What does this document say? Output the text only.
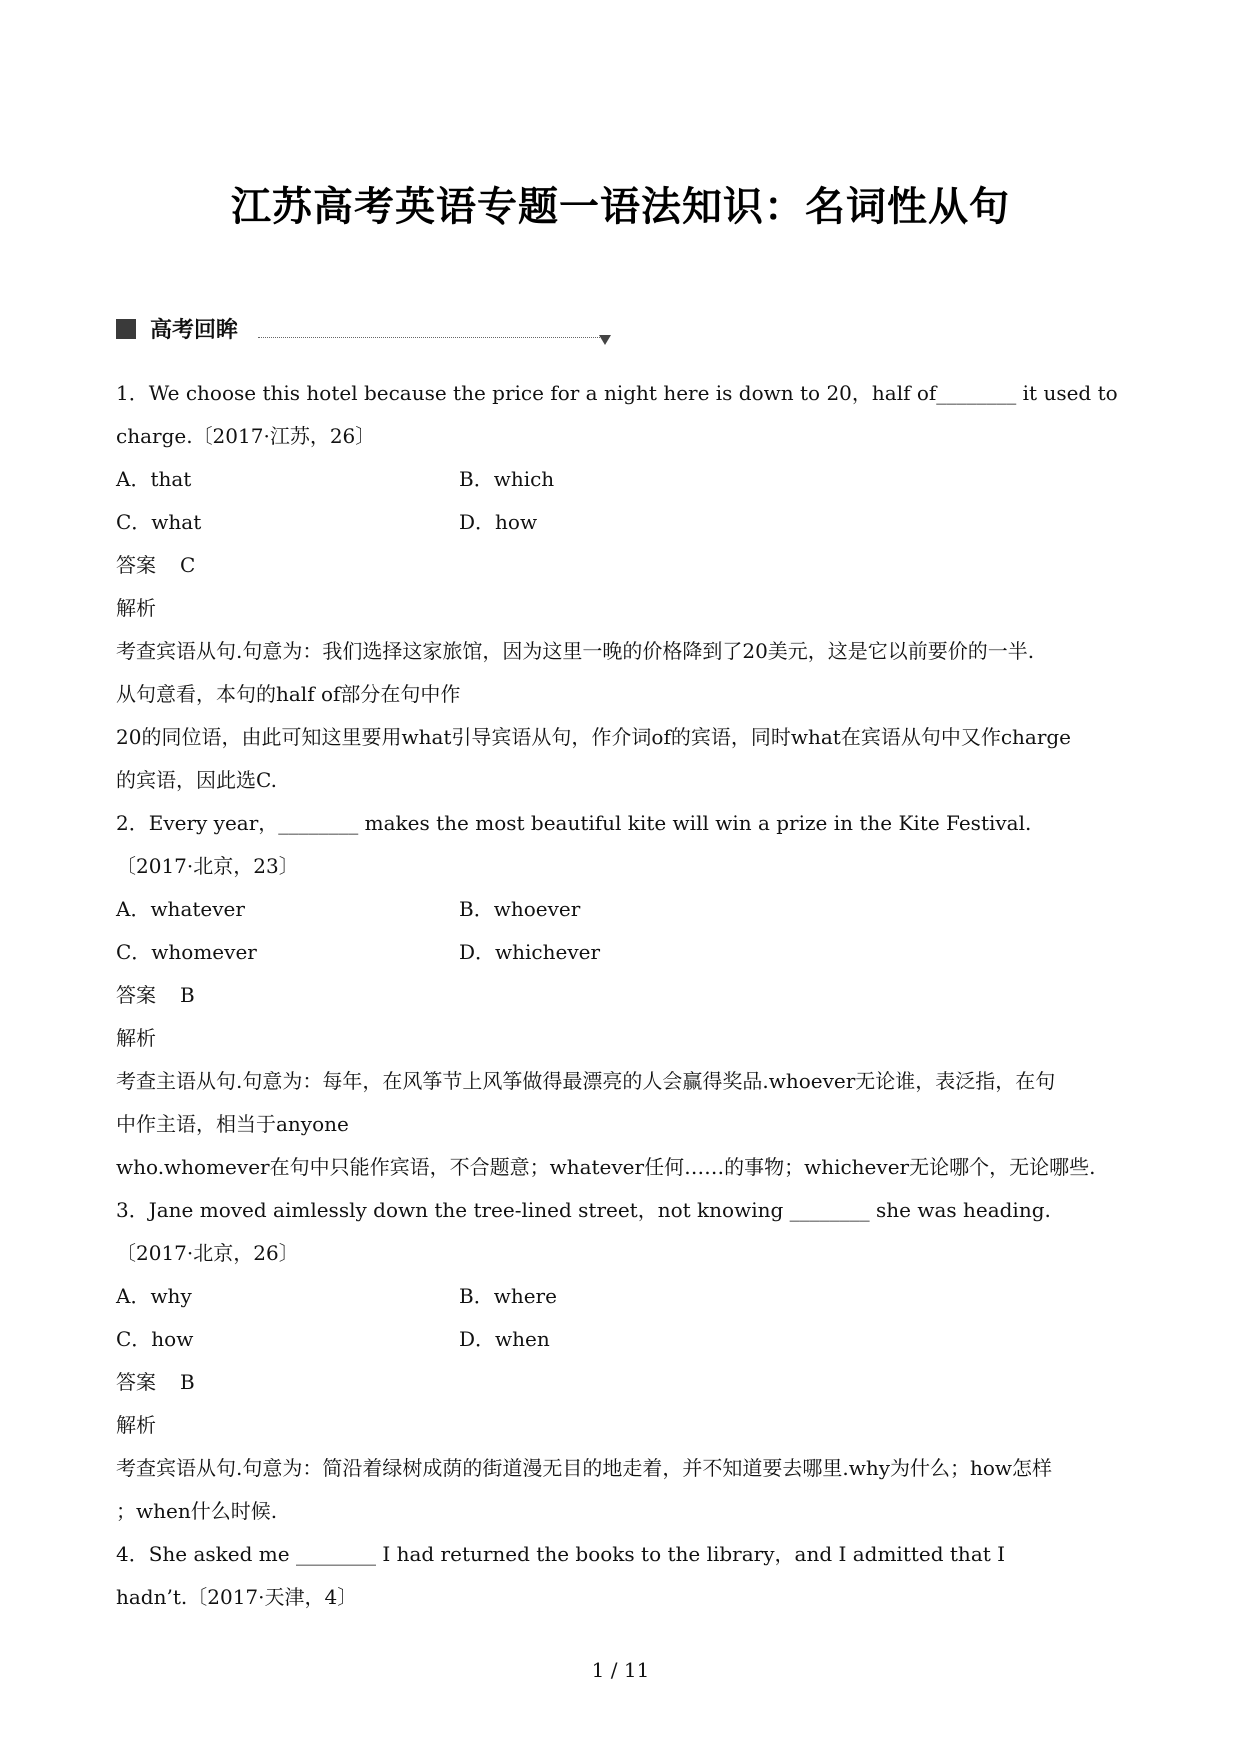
江苏高考英语专题一语法知识：名词性从句
高考回眸
1．We choose this hotel because the price for a night here is down to 20，half of________ it used to
charge.〔2017·江苏，26〕
A．that	B．which
C．what	D．how
答案 C
解析
考查宾语从句.句意为：我们选择这家旅馆，因为这里一晚的价格降到了20美元，这是它以前要价的一半.
从句意看，本句的half of部分在句中作
20的同位语，由此可知这里要用what引导宾语从句，作介词of的宾语，同时what在宾语从句中又作charge
的宾语，因此选C.
2．Every year，________ makes the most beautiful kite will win a prize in the Kite Festival.
〔2017·北京，23〕
A．whatever	B．whoever
C．whomever	D．whichever
答案 B
解析
考查主语从句.句意为：每年，在风筝节上风筝做得最漂亮的人会赢得奖品.whoever无论谁，表泛指，在句
中作主语，相当于anyone
who.whomever在句中只能作宾语，不合题意；whatever任何……的事物；whichever无论哪个，无论哪些.
3．Jane moved aimlessly down the tree-lined street，not knowing ________ she was heading.
〔2017·北京，26〕
A．why	B．where
C．how	D．when
答案 B
解析
考查宾语从句.句意为：简沿着绿树成荫的街道漫无目的地走着，并不知道要去哪里.why为什么；how怎样
；when什么时候.
4．She asked me ________ I had returned the books to the library，and I admitted that I
hadn’t.〔2017·天津，4〕
1 / 11
